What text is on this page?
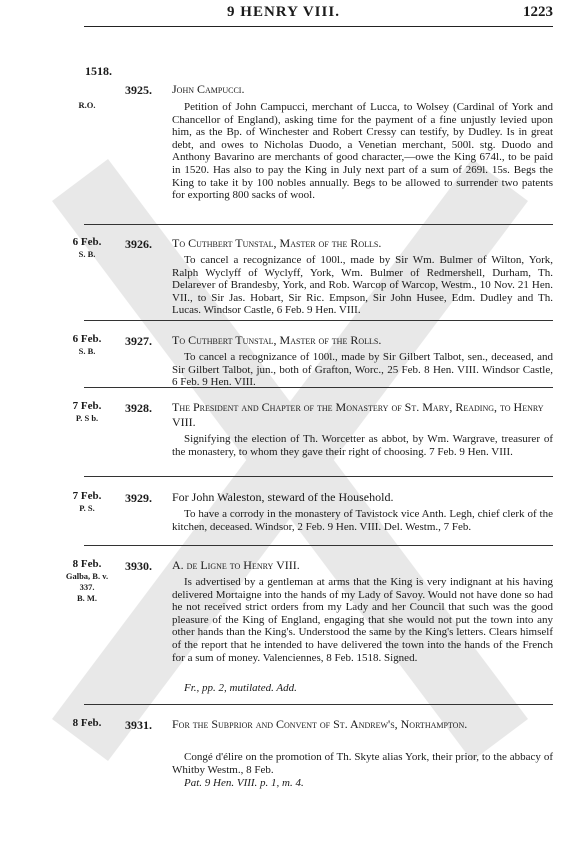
9 HENRY VIII.	1223
1518.
R.O.
3925. John Campucci.
Petition of John Campucci, merchant of Lucca, to Wolsey (Cardinal of York and Chancellor of England), asking time for the payment of a fine unjustly levied upon him, as the Bp. of Winchester and Robert Cressy can testify, by Dudley. Is in great debt, and owes to Nicholas Duodo, a Venetian merchant, 500l. stg. Duodo and Anthony Bavarino are merchants of good character,—owe the King 674l., to be paid in 1520. Has also to pay the King in July next part of a sum of 269l. 15s. Begs the King to take it by 100 nobles annually. Begs to be allowed to surrender two patents for exporting 800 sacks of wool.
6 Feb.
S. B.
3926. To Cuthbert Tunstal, Master of the Rolls.
To cancel a recognizance of 100l., made by Sir Wm. Bulmer of Wilton, York, Ralph Wyclyff of Wyclyff, York, Wm. Bulmer of Redmershell, Durham, Th. Delarever of Brandesby, York, and Rob. Warcop of Warcop, Westm., 10 Nov. 21 Hen. VII., to Sir Jas. Hobart, Sir Ric. Empson, Sir John Husee, Edm. Dudley and Th. Lucas. Windsor Castle, 6 Feb. 9 Hen. VIII.
6 Feb.
S. B.
3927. To Cuthbert Tunstal, Master of the Rolls.
To cancel a recognizance of 100l., made by Sir Gilbert Talbot, sen., deceased, and Sir Gilbert Talbot, jun., both of Grafton, Worc., 25 Feb. 8 Hen. VIII. Windsor Castle, 6 Feb. 9 Hen. VIII.
7 Feb.
P. S b.
3928. The President and Chapter of the Monastery of St. Mary, Reading, to Henry VIII.
Signifying the election of Th. Worcetter as abbot, by Wm. Wargrave, treasurer of the monastery, to whom they gave their right of choosing. 7 Feb. 9 Hen. VIII.
7 Feb.
P. S.
3929. For John Waleston, steward of the Household.
To have a corrody in the monastery of Tavistock vice Anth. Legh, chief clerk of the kitchen, deceased. Windsor, 2 Feb. 9 Hen. VIII. Del. Westm., 7 Feb.
8 Feb.
Galba, B. v. 337.
B. M.
3930. A. de Ligne to Henry VIII.
Is advertised by a gentleman at arms that the King is very indignant at his having delivered Mortaigne into the hands of my Lady of Savoy. Would not have done so had he not received strict orders from my Lady and her Council that such was the good pleasure of the King of England, engaging that she would not put the town into any other hands than the King's. Understood the same by the King's letters. Clears himself of the report that he intended to have delivered the town into the hands of the French for a sum of money. Valenciennes, 8 Feb. 1518. Signed.
Fr., pp. 2, mutilated. Add.
8 Feb.	3931. For the Subprior and Convent of St. Andrew's, Northampton.
Congé d'élire on the promotion of Th. Skyte alias York, their prior, to the abbacy of Whitby Westm., 8 Feb.
Pat. 9 Hen. VIII. p. 1, m. 4.
